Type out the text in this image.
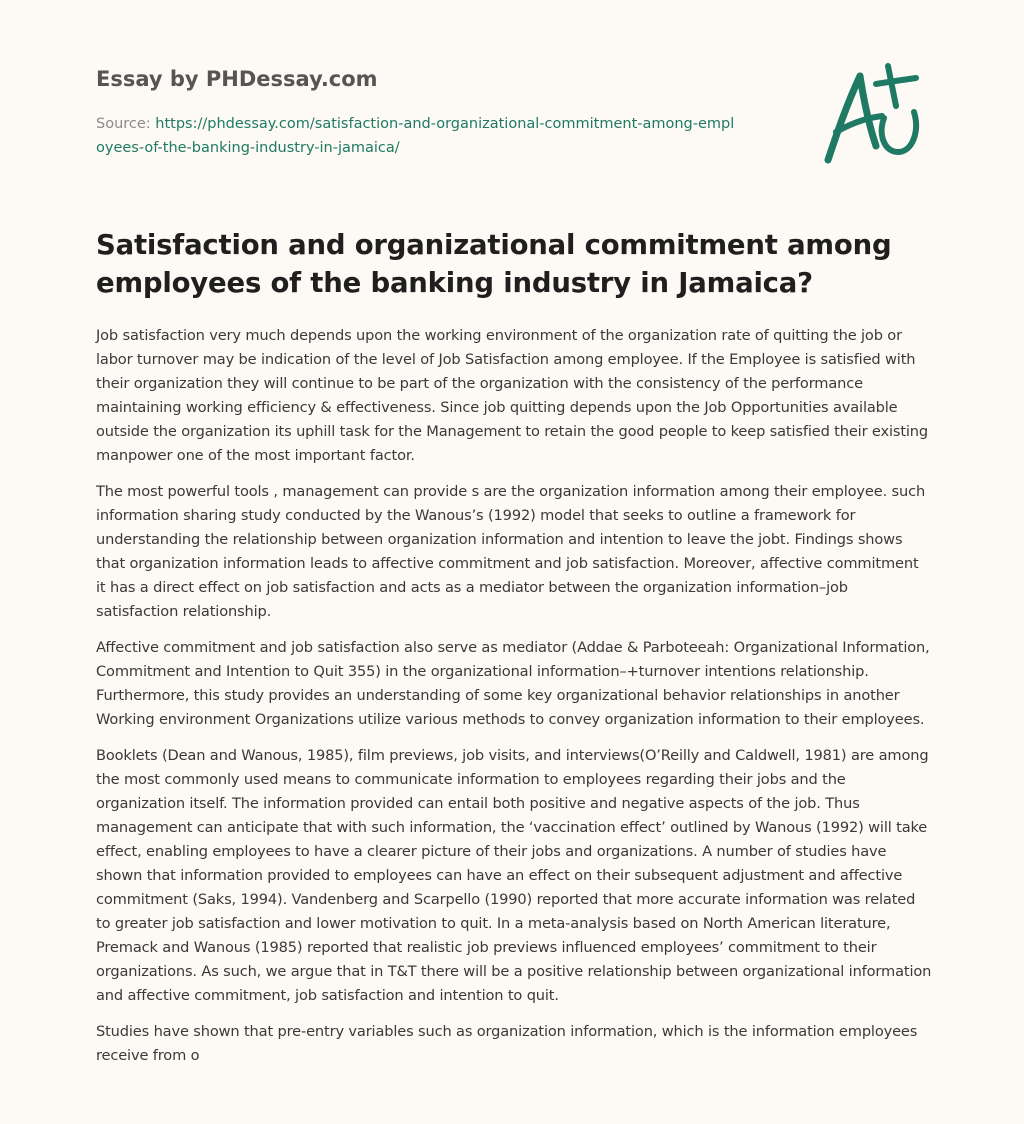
Essay by PHDessay.com

Source: https://phdessay.com/satisfaction-and-organizational-commitment-among-employees-of-the-banking-industry-in-jamaica/

Satisfaction and organizational commitment among employees of the banking industry in Jamaica?

Job satisfaction very much depends upon the working environment of the organization rate of quitting the job or labor turnover may be indication of the level of Job Satisfaction among employee. If the Employee is satisfied with their organization they will continue to be part of the organization with the consistency of the performance maintaining working efficiency & effectiveness. Since job quitting depends upon the Job Opportunities available outside the organization its uphill task for the Management to retain the good people to keep satisfied their existing manpower one of the most important factor.

The most powerful tools , management can provide s are the organization information among their employee. such information sharing study conducted by the Wanous’s (1992) model that seeks to outline a framework for understanding the relationship between organization information and intention to leave the jobt. Findings shows that organization information leads to affective commitment and job satisfaction. Moreover, affective commitment it has a direct effect on job satisfaction and acts as a mediator between the organization information–job satisfaction relationship.

Affective commitment and job satisfaction also serve as mediator (Addae & Parboteeah: Organizational Information, Commitment and Intention to Quit 355) in the organizational information–+turnover intentions relationship. Furthermore, this study provides an understanding of some key organizational behavior relationships in another Working environment Organizations utilize various methods to convey organization information to their employees.

Booklets (Dean and Wanous, 1985), film previews, job visits, and interviews(O’Reilly and Caldwell, 1981) are among the most commonly used means to communicate information to employees regarding their jobs and the organization itself. The information provided can entail both positive and negative aspects of the job. Thus management can anticipate that with such information, the ‘vaccination effect’ outlined by Wanous (1992) will take effect, enabling employees to have a clearer picture of their jobs and organizations. A number of studies have shown that information provided to employees can have an effect on their subsequent adjustment and affective commitment (Saks, 1994). Vandenberg and Scarpello (1990) reported that more accurate information was related to greater job satisfaction and lower motivation to quit. In a meta-analysis based on North American literature, Premack and Wanous (1985) reported that realistic job previews influenced employees’ commitment to their organizations. As such, we argue that in T&T there will be a positive relationship between organizational information and affective commitment, job satisfaction and intention to quit.

Studies have shown that pre-entry variables such as organization information, which is the information employees receive from o
